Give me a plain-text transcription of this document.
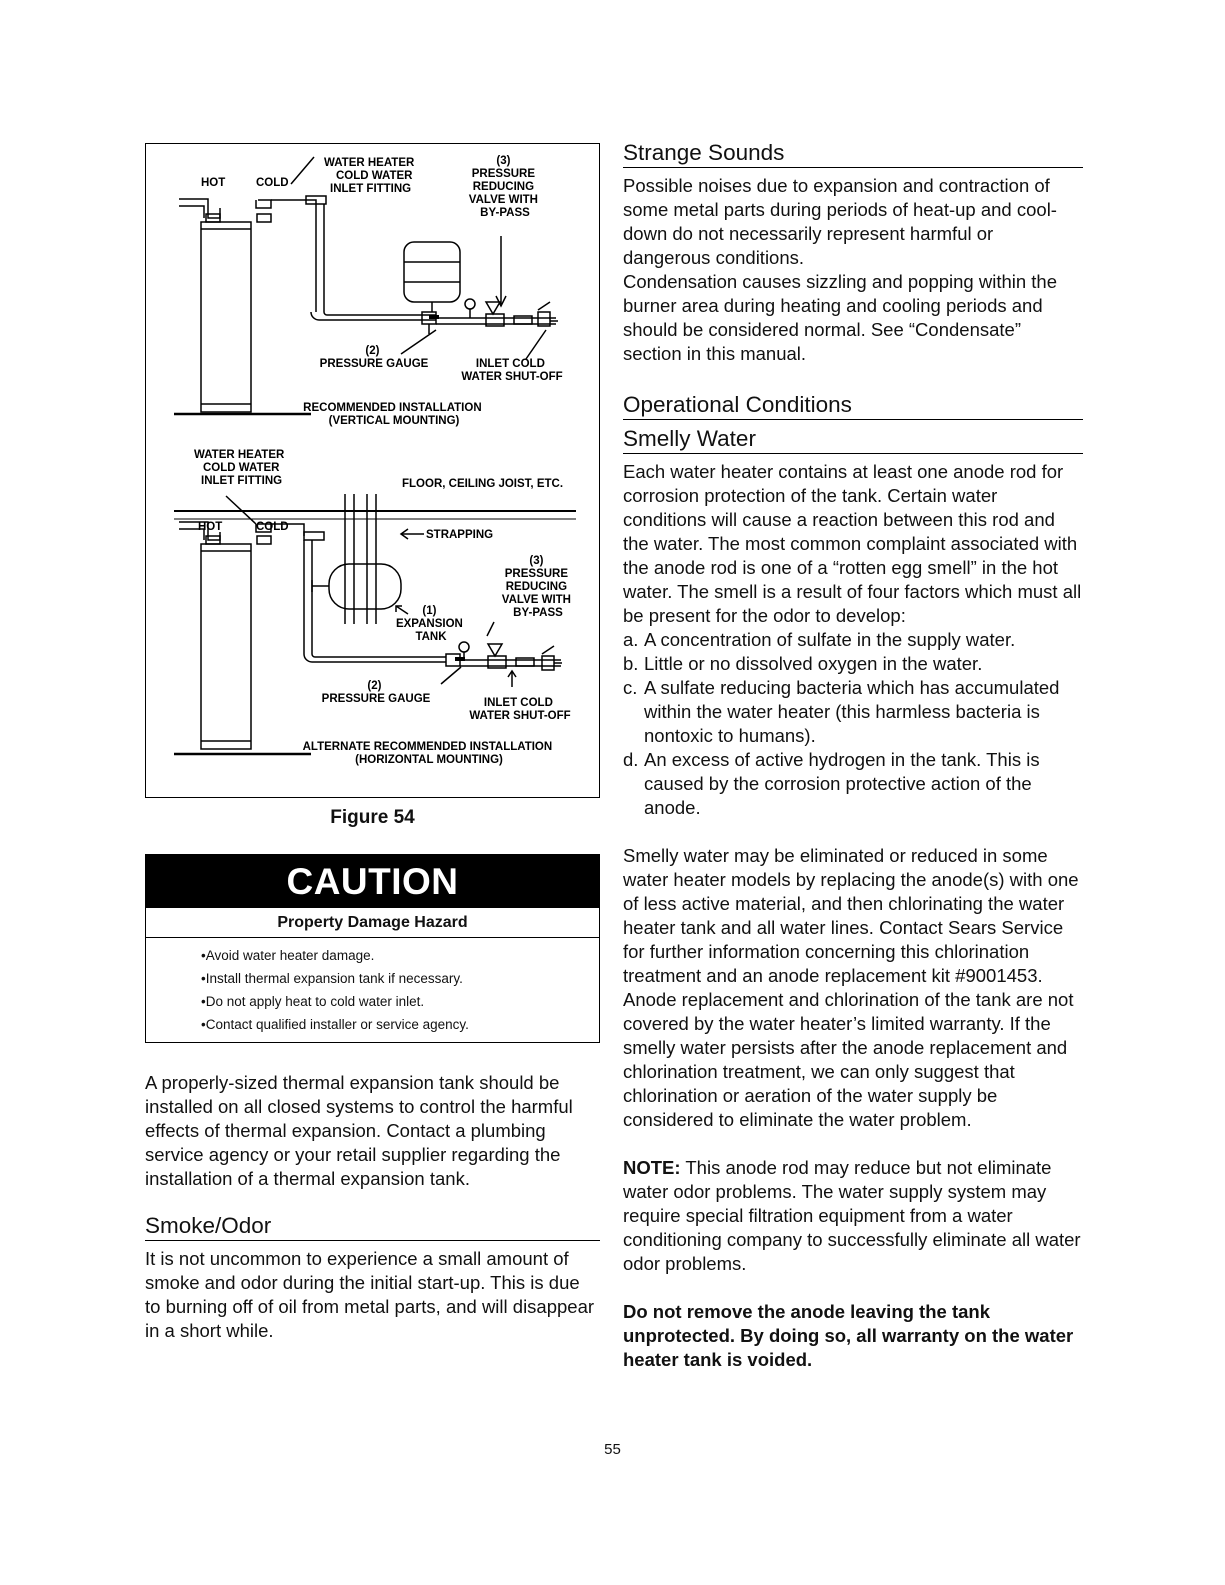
HOT	COLD
WATER HEATER COLD WATER INLET FITTING
(3) PRESSURE REDUCING VALVE WITH BY-PASS
(2) PRESSURE GAUGE	INLET COLD WATER SHUT-OFF
RECOMMENDED INSTALLATION (VERTICAL MOUNTING)
WATER HEATER COLD WATER INLET FITTING	FLOOR, CEILING JOIST, ETC.
HOT	COLD
STRAPPING
(3) PRESSURE REDUCING VALVE WITH BY-PASS
(1) EXPANSION TANK
(2) PRESSURE GAUGE	INLET COLD WATER SHUT-OFF
ALTERNATE RECOMMENDED INSTALLATION (HORIZONTAL MOUNTING)
Figure 54
CAUTION
Property Damage Hazard
• Avoid water heater damage.
• Install thermal expansion tank if necessary.
• Do not apply heat to cold water inlet.
• Contact qualified installer or service agency.

A properly-sized thermal expansion tank should be installed on all closed systems to control the harmful effects of thermal expansion. Contact a plumbing service agency or your retail supplier regarding the installation of a thermal expansion tank.

Smoke/Odor

It is not uncommon to experience a small amount of smoke and odor during the initial start-up. This is due to burning off of oil from metal parts, and will disappear in a short while.

Strange Sounds

Possible noises due to expansion and contraction of some metal parts during periods of heat-up and cool-down do not necessarily represent harmful or dangerous conditions.

Condensation causes sizzling and popping within the burner area during heating and cooling periods and should be considered normal. See “Condensate” section in this manual.

Operational Conditions
Smelly Water

Each water heater contains at least one anode rod for corrosion protection of the tank. Certain water conditions will cause a reaction between this rod and the water. The most common complaint associated with the anode rod is one of a “rotten egg smell” in the hot water. The smell is a result of four factors which must all be present for the odor to develop:

a. A concentration of sulfate in the supply water.
b. Little or no dissolved oxygen in the water.
c. A sulfate reducing bacteria which has accumulated within the water heater (this harmless bacteria is nontoxic to humans).
d. An excess of active hydrogen in the tank. This is caused by the corrosion protective action of the anode.

Smelly water may be eliminated or reduced in some water heater models by replacing the anode(s) with one of less active material, and then chlorinating the water heater tank and all water lines. Contact Sears Service for further information concerning this chlorination treatment and an anode replacement kit #9001453. Anode replacement and chlorination of the tank are not covered by the water heater’s limited warranty. If the smelly water persists after the anode replacement and chlorination treatment, we can only suggest that chlorination or aeration of the water supply be considered to eliminate the water problem.

NOTE: This anode rod may reduce but not eliminate water odor problems. The water supply system may require special filtration equipment from a water conditioning company to successfully eliminate all water odor problems.

Do not remove the anode leaving the tank unprotected. By doing so, all warranty on the water heater tank is voided.

55
